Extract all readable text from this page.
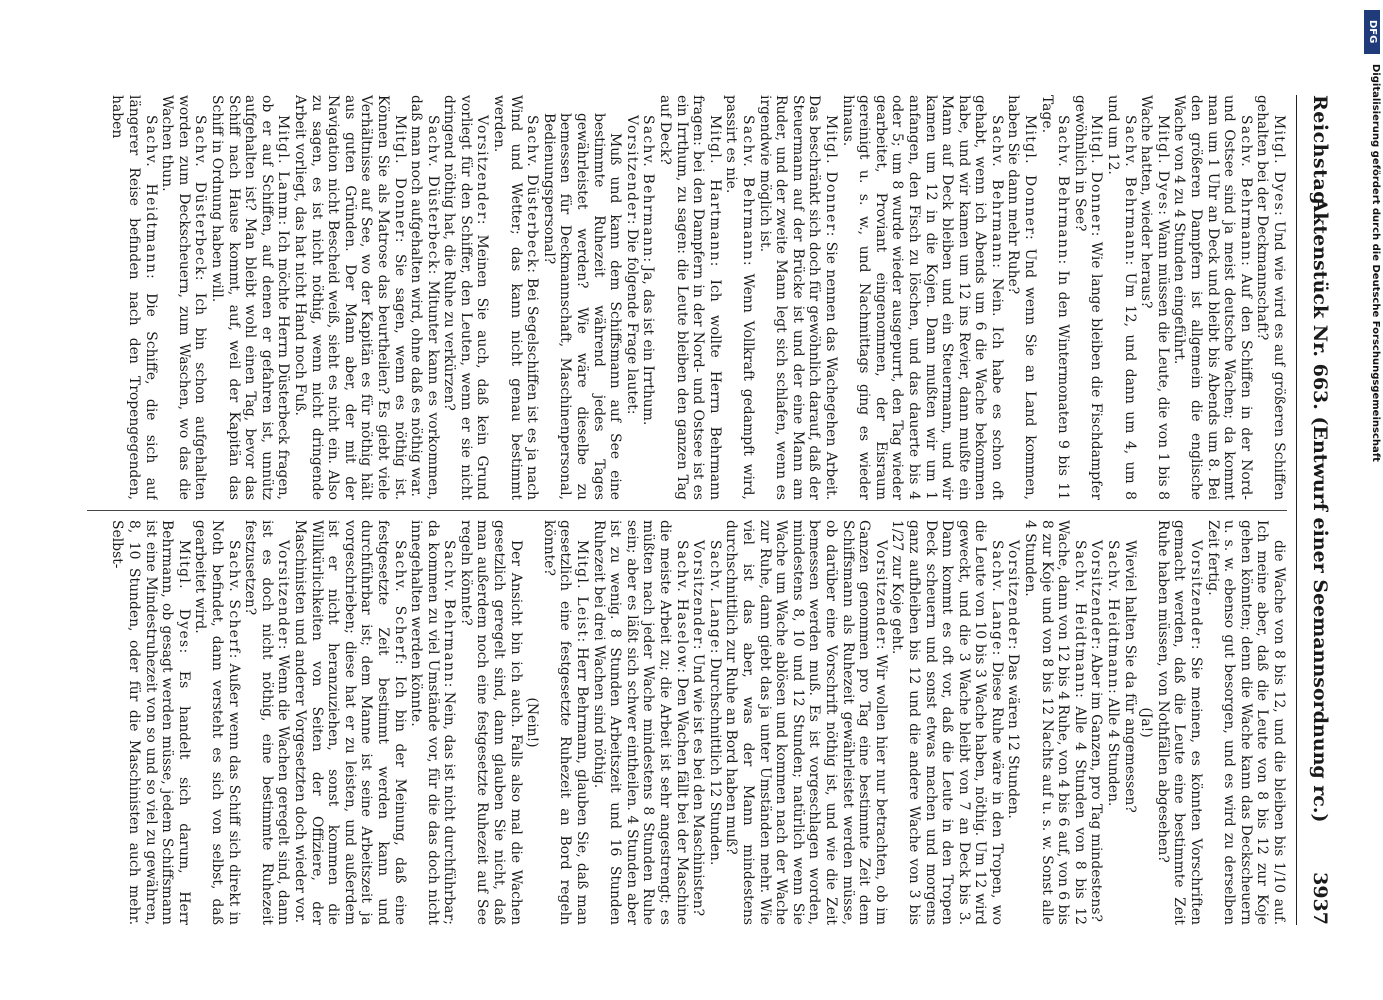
Reichstag.
Aktenstück Nr. 663. (Entwurf einer Seemannsordnung rc.)
3937

Mitgl. Dyes: Und wie wird es auf größeren Schiffen gehalten bei der Deckmannschaft?

Sachv. Behrmann: Auf den Schiffen in der Nord- und Ostsee sind ja meist deutsche Wachen; da kommt man um 1 Uhr an Deck und bleibt bis Abends um 8. Bei den größeren Dampfern ist allgemein die englische Wache von 4 zu 4 Stunden eingeführt.

Mitgl. Dyes: Wann müssen die Leute, die von 1 bis 8 Wache hatten, wieder heraus?

Sachv. Behrmann: Um 12, und dann um 4, um 8 und um 12.

Mitgl. Donner: Wie lange bleiben die Fischdampfer gewöhnlich in See?

Sachv. Behrmann: In den Wintermonaten 9 bis 11 Tage.

Mitgl. Donner: Und wenn Sie an Land kommen, haben Sie dann mehr Ruhe?

Sachv. Behrmann: Nein. Ich habe es schon oft gehabt, wenn ich Abends um 6 die Wache bekommen habe, und wir kamen um 12 ins Revier, dann mußte ein Mann auf Deck bleiben und ein Steuermann, und wir kamen um 12 in die Kojen. Dann mußten wir um 1 anfangen, den Fisch zu löschen, und das dauerte bis 4 oder 5; um 8 wurde wieder ausgepurrt, den Tag wieder gearbeitet, Proviant eingenommen, der Eisraum gereinigt u. s. w., und Nachmittags ging es wieder hinaus.

Mitgl. Donner: Sie nennen das Wachegehen Arbeit. Das beschränkt sich doch für gewöhnlich darauf, daß der Steuermann auf der Brücke ist und der eine Mann am Ruder, und der zweite Mann legt sich schlafen, wenn es irgendwie möglich ist.

Sachv. Behrmann: Wenn Vollkraft gedampft wird, passirt es nie.

Mitgl. Hartmann: Ich wollte Herrn Behrmann fragen: bei den Dampfern in der Nord- und Ostsee ist es ein Irrthum, zu sagen: die Leute bleiben den ganzen Tag auf Deck?

Sachv. Behrmann: Ja, das ist ein Irrthum.

Vorsitzender: Die folgende Frage lautet:

Muß und kann dem Schiffsmann auf See eine bestimmte Ruhezeit während jedes Tages gewährleistet werden? Wie wäre dieselbe zu bemessen für Deckmannschaft, Maschinenpersonal, Bedienungspersonal?

Sachv. Düsterbeck: Bei Segelschiffen ist es ja nach Wind und Wetter; das kann nicht genau bestimmt werden.

Vorsitzender: Meinen Sie auch, daß kein Grund vorliegt für den Schiffer, den Leuten, wenn er sie nicht dringend nöthig hat, die Ruhe zu verkürzen?

Sachv. Düsterbeck: Mitunter kann es vorkommen, daß man noch aufgehalten wird, ohne daß es nöthig war.

Mitgl. Donner: Sie sagen, wenn es nöthig ist. Können Sie als Matrose das beurtheilen? Es giebt viele Verhältnisse auf See, wo der Kapitän es für nöthig hält aus guten Gründen. Der Mann aber, der mit der Navigation nicht Bescheid weiß, sieht es nicht ein. Also zu sagen, es ist nicht nöthig, wenn nicht dringende Arbeit vorliegt, das hat nicht Hand noch Fuß.

Mitgl. Lamm: Ich möchte Herrn Düsterbeck fragen, ob er auf Schiffen, auf denen er gefahren ist, unnütz aufgehalten ist? Man bleibt wohl einen Tag, bevor das Schiff nach Hause kommt, auf, weil der Kapitän das Schiff in Ordnung haben will.

Sachv. Düsterbeck: Ich bin schon aufgehalten worden zum Deckscheuern, zum Waschen, wo das die Wachen thun.

Sachv. Heidtmann: Die Schiffe, die sich auf längerer Reise befinden nach den Tropengegenden, haben

die Wache von 8 bis 12, und die bleiben bis 1/10 auf. Ich meine aber, daß die Leute von 8 bis 12 zur Koje gehen könnten; denn die Wache kann das Deckscheuern u. s. w. ebenso gut besorgen, und es wird zu derselben Zeit fertig.

Vorsitzender: Sie meinen, es könnten Vorschriften gemacht werden, daß die Leute eine bestimmte Zeit Ruhe haben müssen, von Nothfällen abgesehen?

(Ja!)

Wieviel halten Sie da für angemessen?

Sachv. Heidtmann: Alle 4 Stunden.

Vorsitzender: Aber im Ganzen, pro Tag mindestens?

Sachv. Heidtmann: Alle 4 Stunden von 8 bis 12 Wache, dann von 12 bis 4 Ruhe, von 4 bis 6 auf, von 6 bis 8 zur Koje und von 8 bis 12 Nachts auf u. s. w. Sonst alle 4 Stunden.

Vorsitzender: Das wären 12 Stunden.

Sachv. Lange: Diese Ruhe wäre in den Tropen, wo die Leute von 10 bis 3 Wache haben, nöthig. Um 12 wird geweckt, und die 3 Wache bleibt von 7 an Deck bis 3. Dann kommt es oft vor, daß die Leute in den Tropen Deck scheuern und sonst etwas machen und morgens ganz aufbleiben bis 12 und die andere Wache von 3 bis 1/27 zur Koje geht.

Vorsitzender: Wir wollen hier nur betrachten, ob im Ganzen genommen pro Tag eine bestimmte Zeit dem Schiffsmann als Ruhezeit gewährleistet werden müsse, ob darüber eine Vorschrift nöthig ist, und wie die Zeit bemessen werden muß. Es ist vorgeschlagen worden, mindestens 8, 10 und 12 Stunden; natürlich wenn Sie Wache um Wache ablösen und kommen nach der Wache zur Ruhe, dann giebt das ja unter Umständen mehr. Wie viel ist das aber, was der Mann mindestens durchschnittlich zur Ruhe an Bord haben muß?

Sachv. Lange: Durchschnittlich 12 Stunden.

Vorsitzender: Und wie ist es bei den Maschinisten?

Sachv. Haselow: Den Wachen fällt bei der Maschine die meiste Arbeit zu; die Arbeit ist sehr angestrengt; es müßten nach jeder Wache mindestens 8 Stunden Ruhe sein; aber es läßt sich schwer eintheilen. 4 Stunden aber ist zu wenig. 8 Stunden Arbeitszeit und 16 Stunden Ruhezeit bei drei Wachen sind nöthig.

Mitgl. Leist: Herr Behrmann, glauben Sie, daß man gesetzlich eine festgesetzte Ruhezeit an Bord regeln könnte?

(Nein!)

Der Ansicht bin ich auch. Falls also mal die Wachen gesetzlich geregelt sind, dann glauben Sie nicht, daß man außerdem noch eine festgesetzte Ruhezeit auf See regeln könnte?

Sachv. Behrmann: Nein, das ist nicht durchführbar; da kommen zu viel Umstände vor, für die das doch nicht innegehalten werden könnte.

Sachv. Scherf: Ich bin der Meinung, daß eine festgesetzte Zeit bestimmt werden kann und durchführbar ist; dem Manne ist seine Arbeitszeit ja vorgeschrieben; diese hat er zu leisten, und außerdem ist er nicht heranzuziehen, sonst kommen die Willkürlichkeiten von Seiten der Offiziere, der Maschinisten und anderer Vorgesetzten doch wieder vor.

Vorsitzender: Wenn die Wachen geregelt sind, dann ist es doch nicht nöthig, eine bestimmte Ruhezeit festzusetzen?

Sachv. Scherf: Außer wenn das Schiff sich direkt in Noth befindet, dann versteht es sich von selbst, daß gearbeitet wird.

Mitgl. Dyes: Es handelt sich darum, Herr Behrmann, ob gesagt werden müsse, jedem Schiffsmann ist eine Mindestruhezeit von so und so viel zu gewähren, 8, 10 Stunden, oder für die Maschinisten auch mehr. Selbst-

DFG
Digitalisierung gefördert durch die Deutsche Forschungsgemeinschaft
